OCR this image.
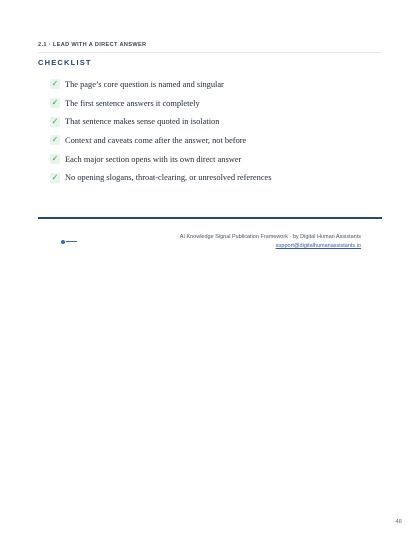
2.1 · LEAD WITH A DIRECT ANSWER
CHECKLIST
✓ The page’s core question is named and singular
✓ The first sentence answers it completely
✓ That sentence makes sense quoted in isolation
✓ Context and caveats come after the answer, not before
✓ Each major section opens with its own direct answer
✓ No opening slogans, throat-clearing, or unresolved references
AI Knowledge Signal Publication Framework · by Digital Human Assistants
support@digitalhumanassistants.io
46
